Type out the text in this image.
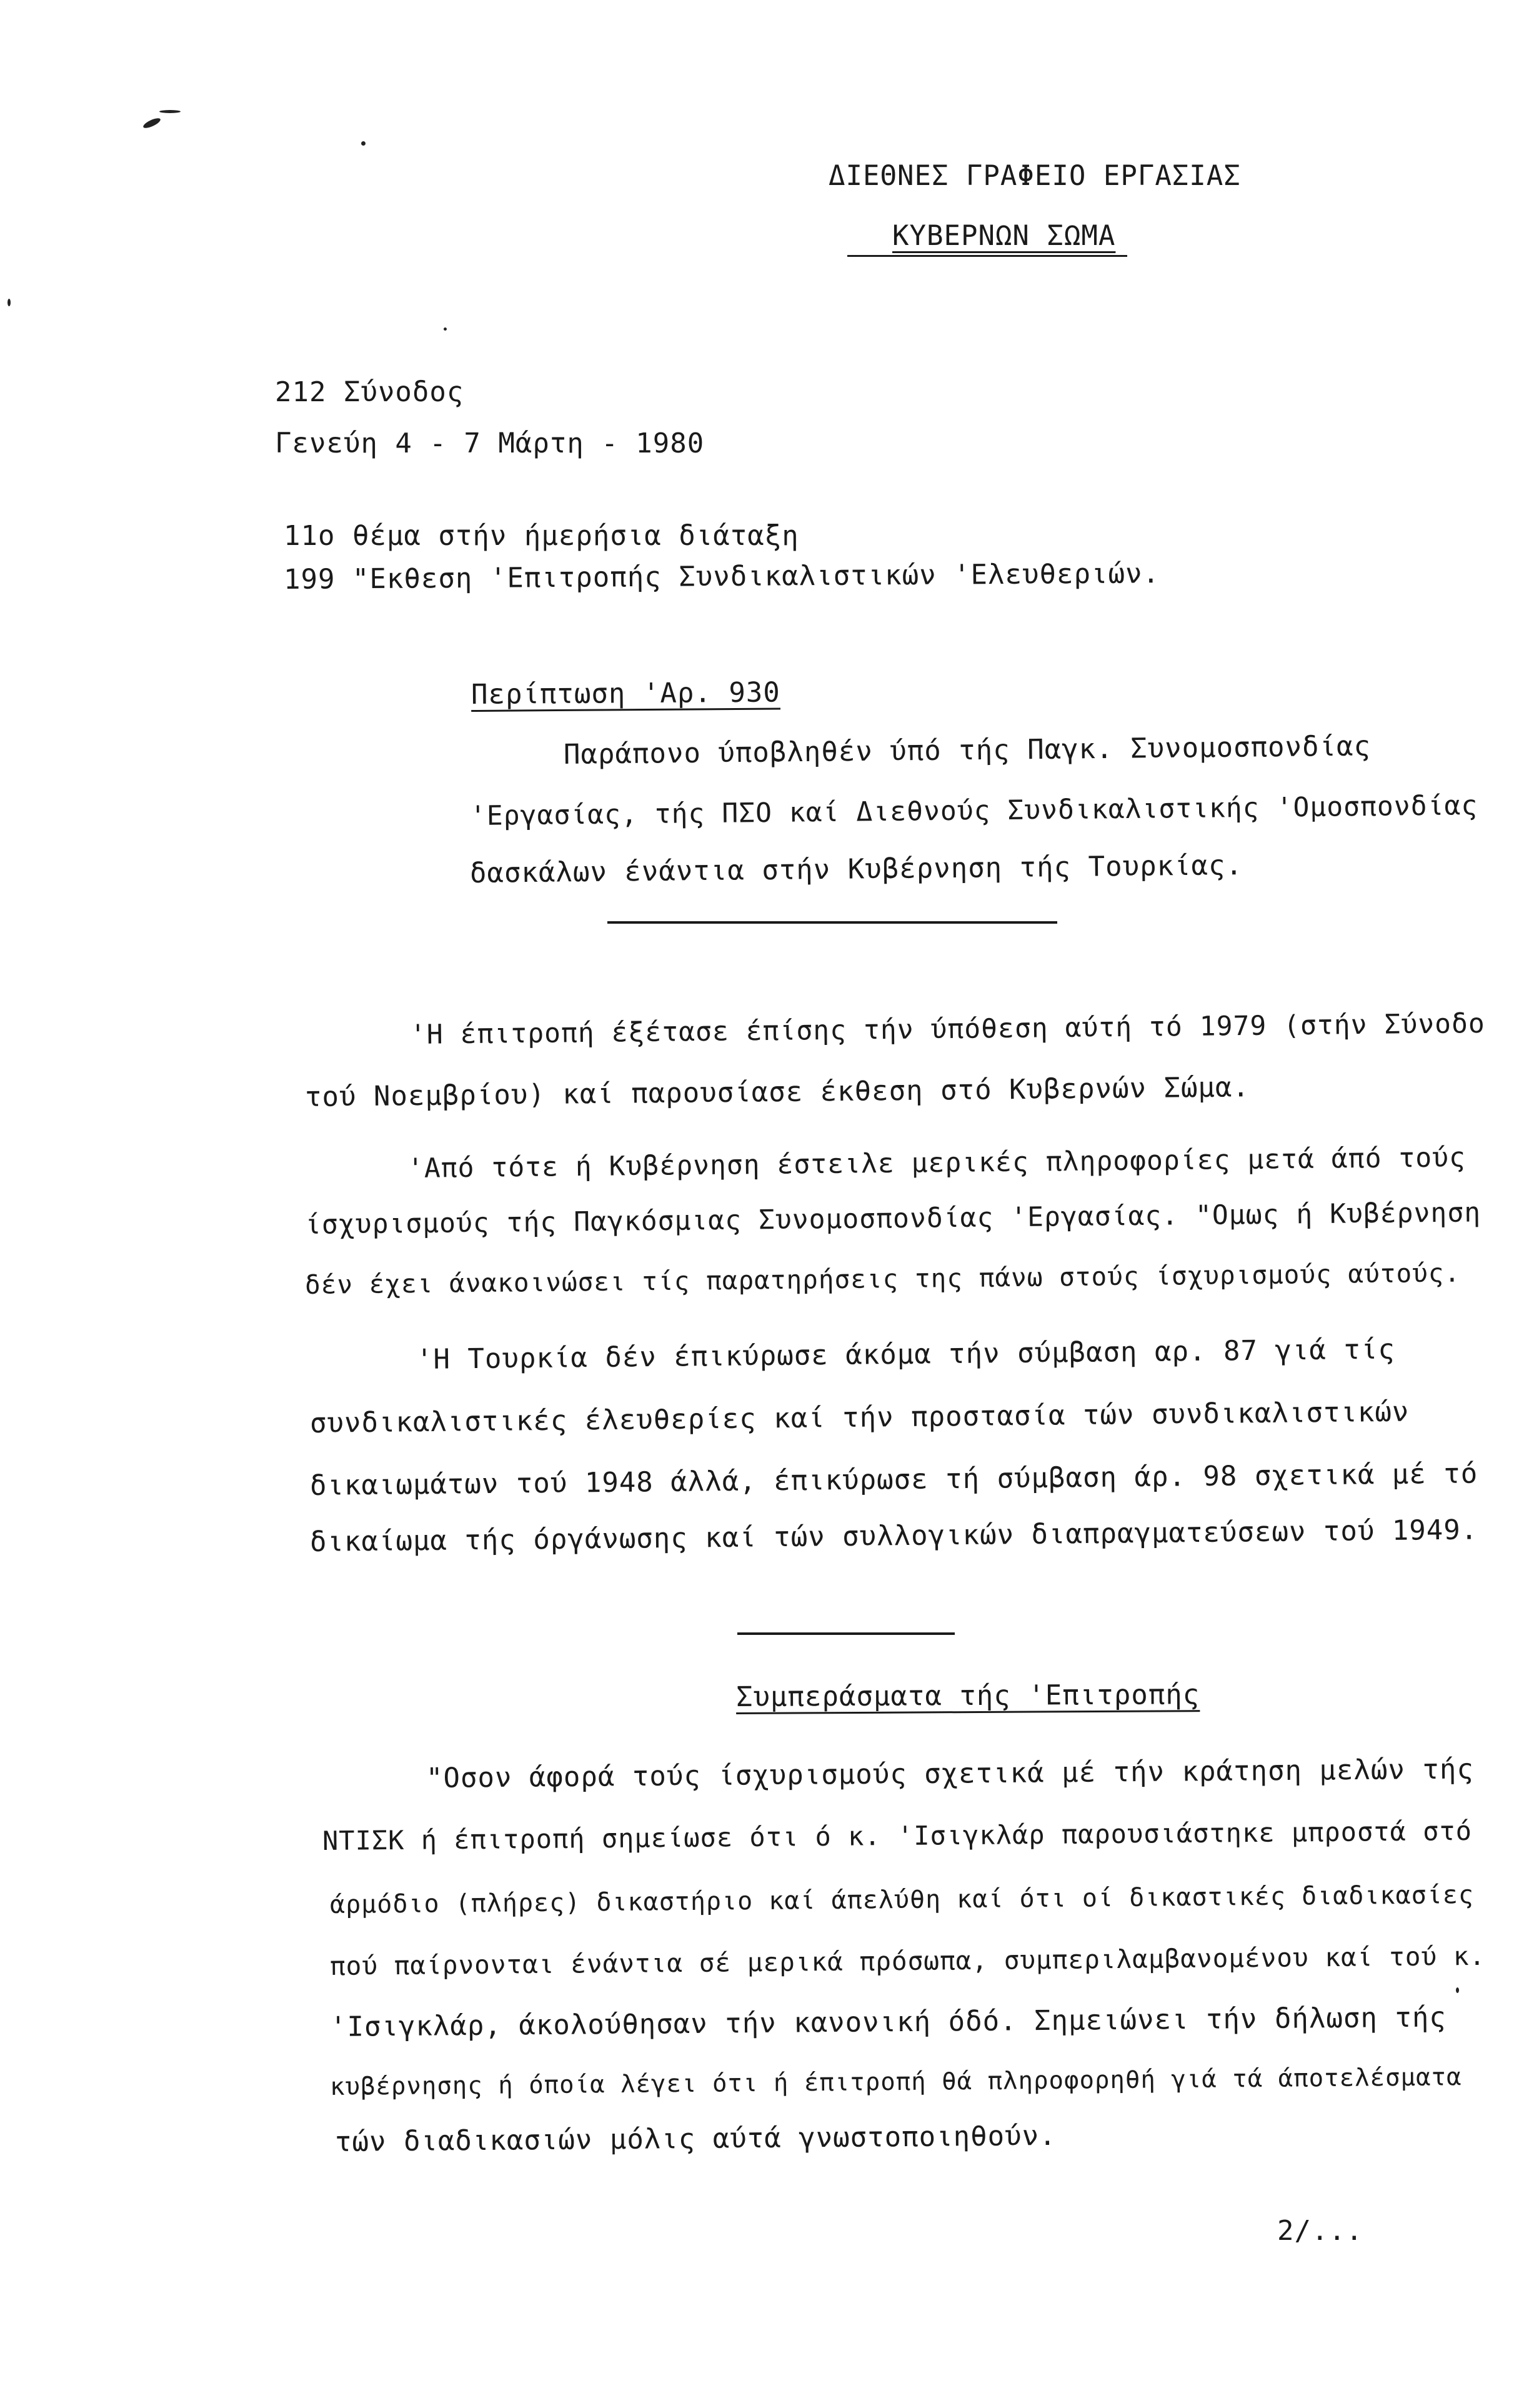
ΔΙΕΘΝΕΣ ΓΡΑΦΕΙΟ ΕΡΓΑΣΙΑΣ
ΚΥΒΕΡΝΩΝ ΣΩΜΑ
212 Σύνοδος
Γενεύη 4 - 7 Μάρτη - 1980
11ο θέμα στήν ήμερήσια διάταξη
199 "Εκθεση 'Επιτροπής Συνδικαλιστικών 'Ελευθεριών.
Περίπτωση 'Αρ. 930
Παράπονο ύποβληθέν ύπό τής Παγκ. Συνομοσπονδίας
'Εργασίας, τής ΠΣΟ καί Διεθνούς Συνδικαλιστικής 'Ομοσπονδίας
δασκάλων ένάντια στήν Κυβέρνηση τής Τουρκίας.
'Η έπιτροπή έξέτασε έπίσης τήν ύπόθεση αύτή τό 1979 (στήν Σύνοδο
τού Νοεμβρίου) καί παρουσίασε έκθεση στό Κυβερνών Σώμα.
'Από τότε ή Κυβέρνηση έστειλε μερικές πληροφορίες μετά άπό τούς
ίσχυρισμούς τής Παγκόσμιας Συνομοσπονδίας 'Εργασίας. "Ομως ή Κυβέρνηση
δέν έχει άνακοινώσει τίς παρατηρήσεις της πάνω στούς ίσχυρισμούς αύτούς.
'Η Τουρκία δέν έπικύρωσε άκόμα τήν σύμβαση αρ. 87 γιά τίς
συνδικαλιστικές έλευθερίες καί τήν προστασία τών συνδικαλιστικών
δικαιωμάτων τού 1948 άλλά, έπικύρωσε τή σύμβαση άρ. 98 σχετικά μέ τό
δικαίωμα τής όργάνωσης καί τών συλλογικών διαπραγματεύσεων τού 1949.
Συμπεράσματα τής 'Επιτροπής
"Οσον άφορά τούς ίσχυρισμούς σχετικά μέ τήν κράτηση μελών τής
ΝΤΙΣΚ ή έπιτροπή σημείωσε ότι ό κ. 'Ισιγκλάρ παρουσιάστηκε μπροστά στό
άρμόδιο (πλήρες) δικαστήριο καί άπελύθη καί ότι οί δικαστικές διαδικασίες
πού παίρνονται ένάντια σέ μερικά πρόσωπα, συμπεριλαμβανομένου καί τού κ.
'Ισιγκλάρ, άκολούθησαν τήν κανονική όδό. Σημειώνει τήν δήλωση τής
κυβέρνησης ή όποία λέγει ότι ή έπιτροπή θά πληροφορηθή γιά τά άποτελέσματα
τών διαδικασιών μόλις αύτά γνωστοποιηθούν.
2/...
